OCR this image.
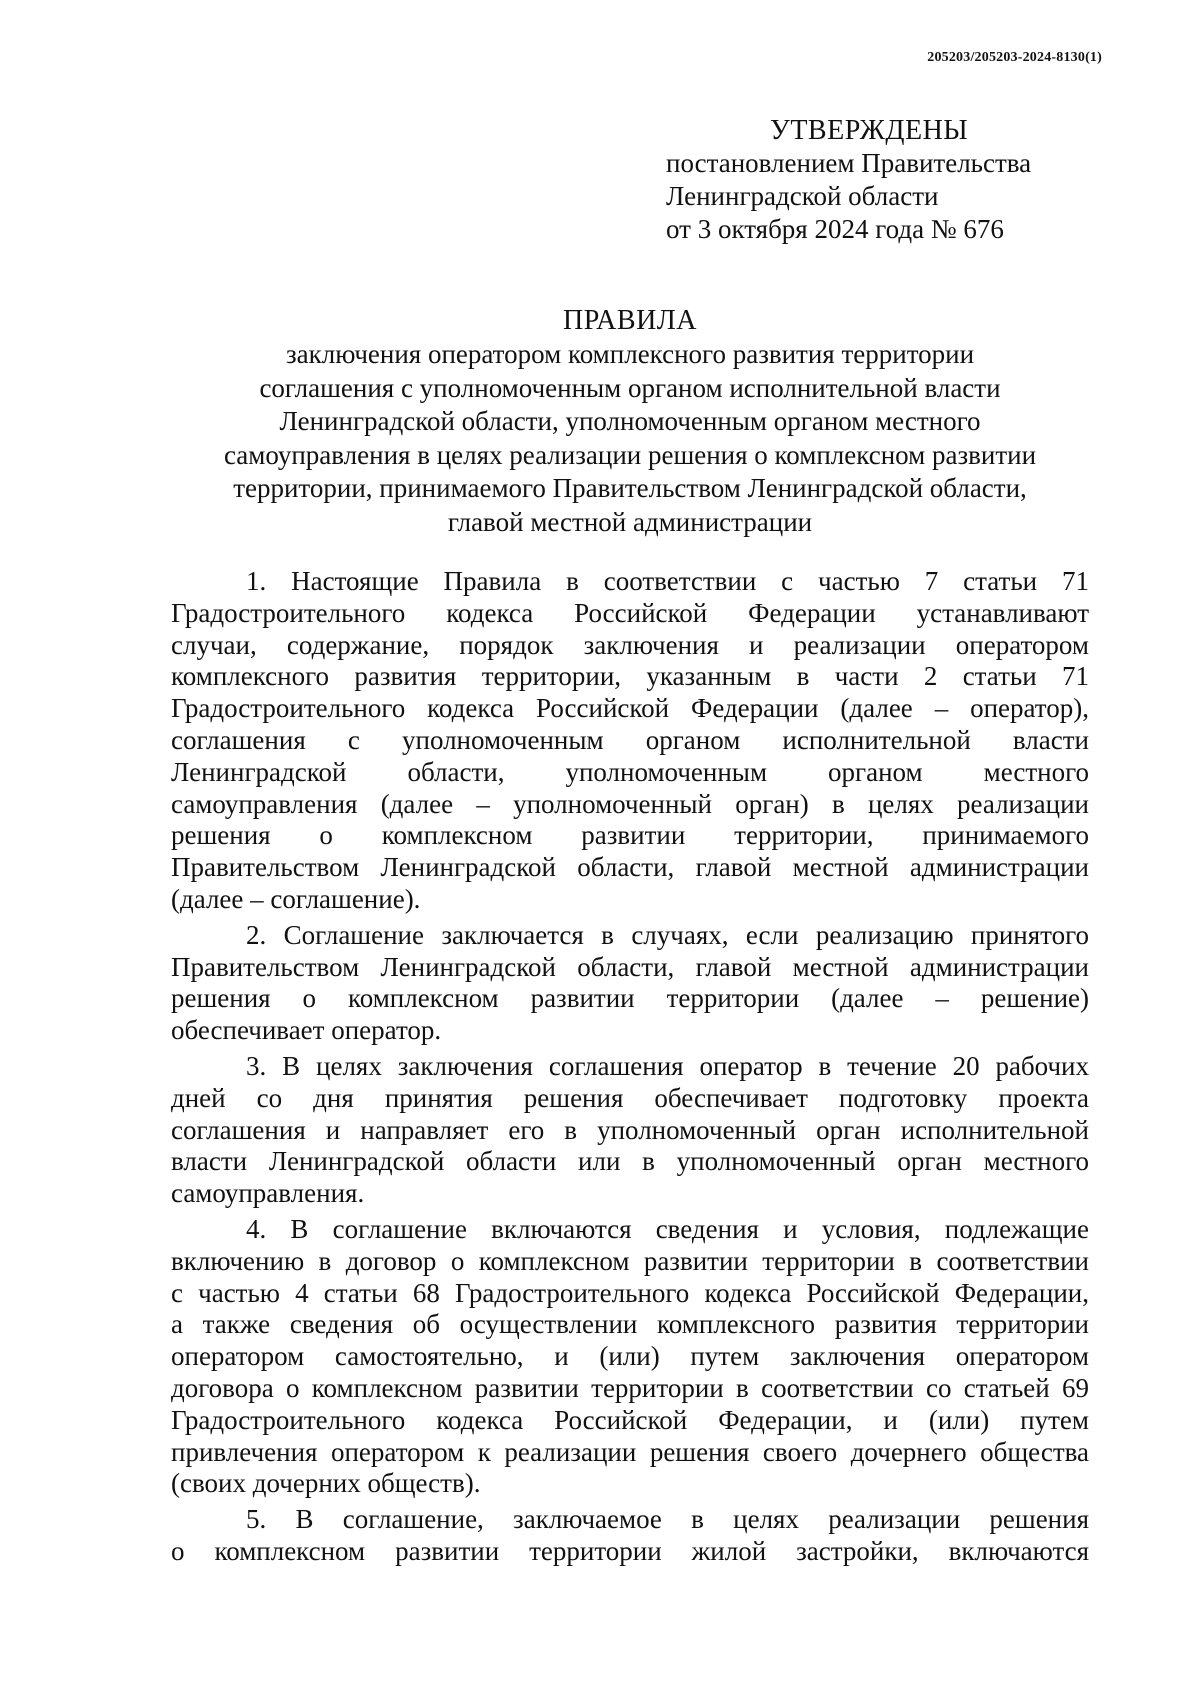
205203/205203-2024-8130(1)
УТВЕРЖДЕНЫ
постановлением Правительства
Ленинградской области
от 3 октября 2024 года № 676
ПРАВИЛА
заключения оператором комплексного развития территории
соглашения с уполномоченным органом исполнительной власти
Ленинградской области, уполномоченным органом местного
самоуправления в целях реализации решения о комплексном развитии
территории, принимаемого Правительством Ленинградской области,
главой местной администрации
1. Настоящие Правила в соответствии с частью 7 статьи 71
Градостроительного кодекса Российской Федерации устанавливают
случаи, содержание, порядок заключения и реализации оператором
комплексного развития территории, указанным в части 2 статьи 71
Градостроительного кодекса Российской Федерации (далее – оператор),
соглашения с уполномоченным органом исполнительной власти
Ленинградской области, уполномоченным органом местного
самоуправления (далее – уполномоченный орган) в целях реализации
решения о комплексном развитии территории, принимаемого
Правительством Ленинградской области, главой местной администрации
(далее – соглашение).
2. Соглашение заключается в случаях, если реализацию принятого
Правительством Ленинградской области, главой местной администрации
решения о комплексном развитии территории (далее – решение)
обеспечивает оператор.
3. В целях заключения соглашения оператор в течение 20 рабочих
дней со дня принятия решения обеспечивает подготовку проекта
соглашения и направляет его в уполномоченный орган исполнительной
власти Ленинградской области или в уполномоченный орган местного
самоуправления.
4. В соглашение включаются сведения и условия, подлежащие
включению в договор о комплексном развитии территории в соответствии
с частью 4 статьи 68 Градостроительного кодекса Российской Федерации,
а также сведения об осуществлении комплексного развития территории
оператором самостоятельно, и (или) путем заключения оператором
договора о комплексном развитии территории в соответствии со статьей 69
Градостроительного кодекса Российской Федерации, и (или) путем
привлечения оператором к реализации решения своего дочернего общества
(своих дочерних обществ).
5. В соглашение, заключаемое в целях реализации решения
о комплексном развитии территории жилой застройки, включаются
